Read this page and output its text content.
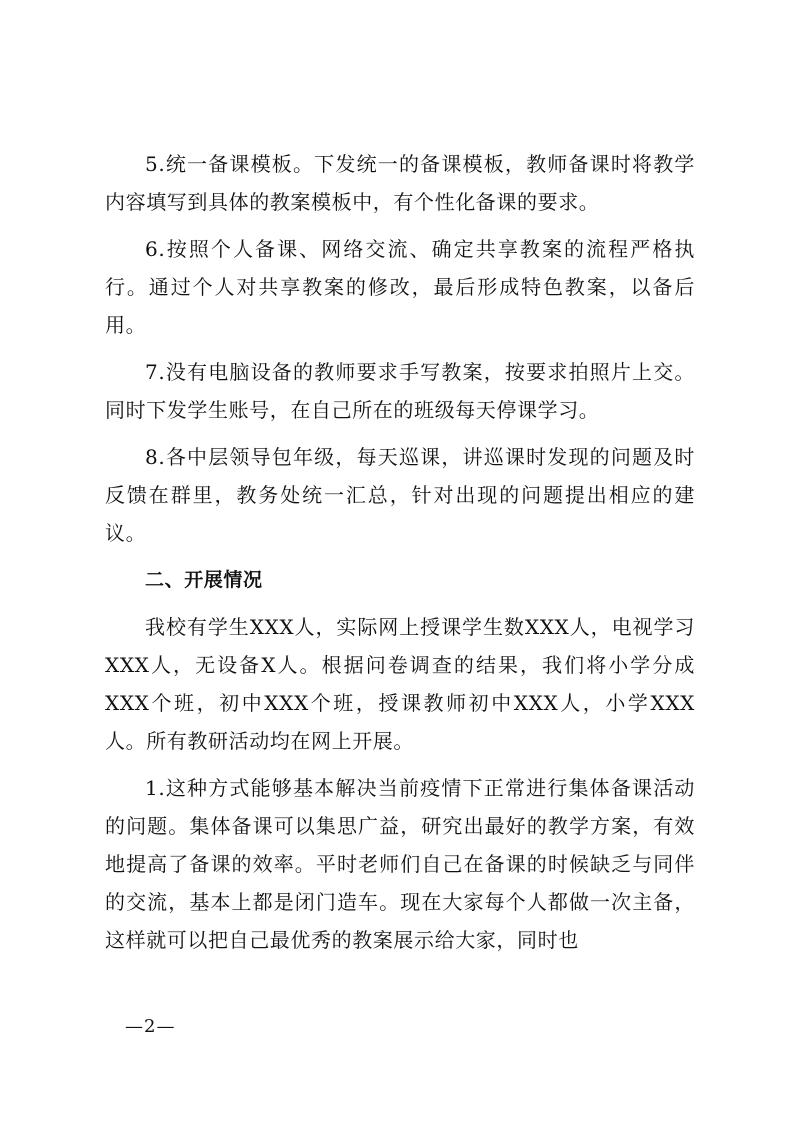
5.统一备课模板。下发统一的备课模板，教师备课时将教学内容填写到具体的教案模板中，有个性化备课的要求。

6.按照个人备课、网络交流、确定共享教案的流程严格执行。通过个人对共享教案的修改，最后形成特色教案，以备后用。

7.没有电脑设备的教师要求手写教案，按要求拍照片上交。同时下发学生账号，在自己所在的班级每天停课学习。

8.各中层领导包年级，每天巡课，讲巡课时发现的问题及时反馈在群里，教务处统一汇总，针对出现的问题提出相应的建议。

二、开展情况

我校有学生XXX人，实际网上授课学生数XXX人，电视学习XXX人，无设备X人。根据问卷调查的结果，我们将小学分成XXX个班，初中XXX个班，授课教师初中XXX人，小学XXX人。所有教研活动均在网上开展。

1.这种方式能够基本解决当前疫情下正常进行集体备课活动的问题。集体备课可以集思广益，研究出最好的教学方案，有效地提高了备课的效率。平时老师们自己在备课的时候缺乏与同伴的交流，基本上都是闭门造车。现在大家每个人都做一次主备，这样就可以把自己最优秀的教案展示给大家，同时也

—2—
